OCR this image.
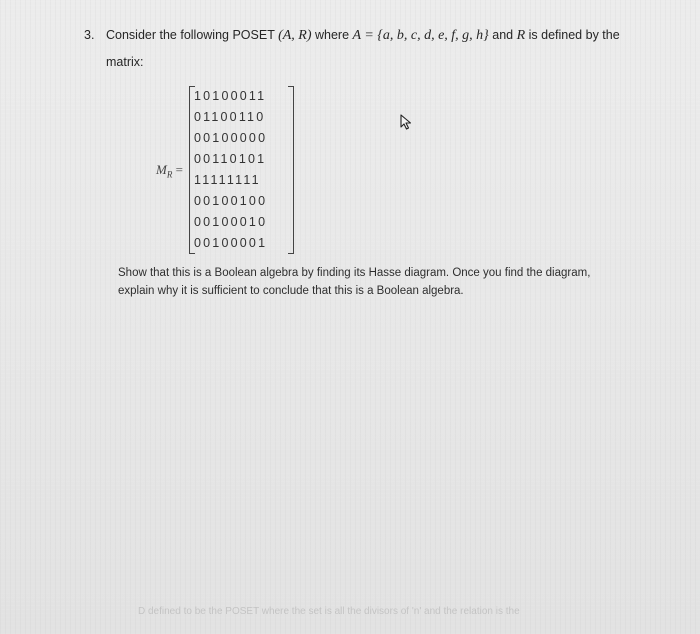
3. Consider the following POSET (A, R) where A = {a, b, c, d, e, f, g, h} and R is defined by the
matrix:
$M_R$ =
10100011
01100110
00100000
00110101
11111111
00100100
00100010
00100001
Show that this is a Boolean algebra by finding its Hasse diagram. Once you find the diagram,
explain why it is sufficient to conclude that this is a Boolean algebra.
D defined to be the POSET where the set is all the divisors of 'n' and the relation is the
